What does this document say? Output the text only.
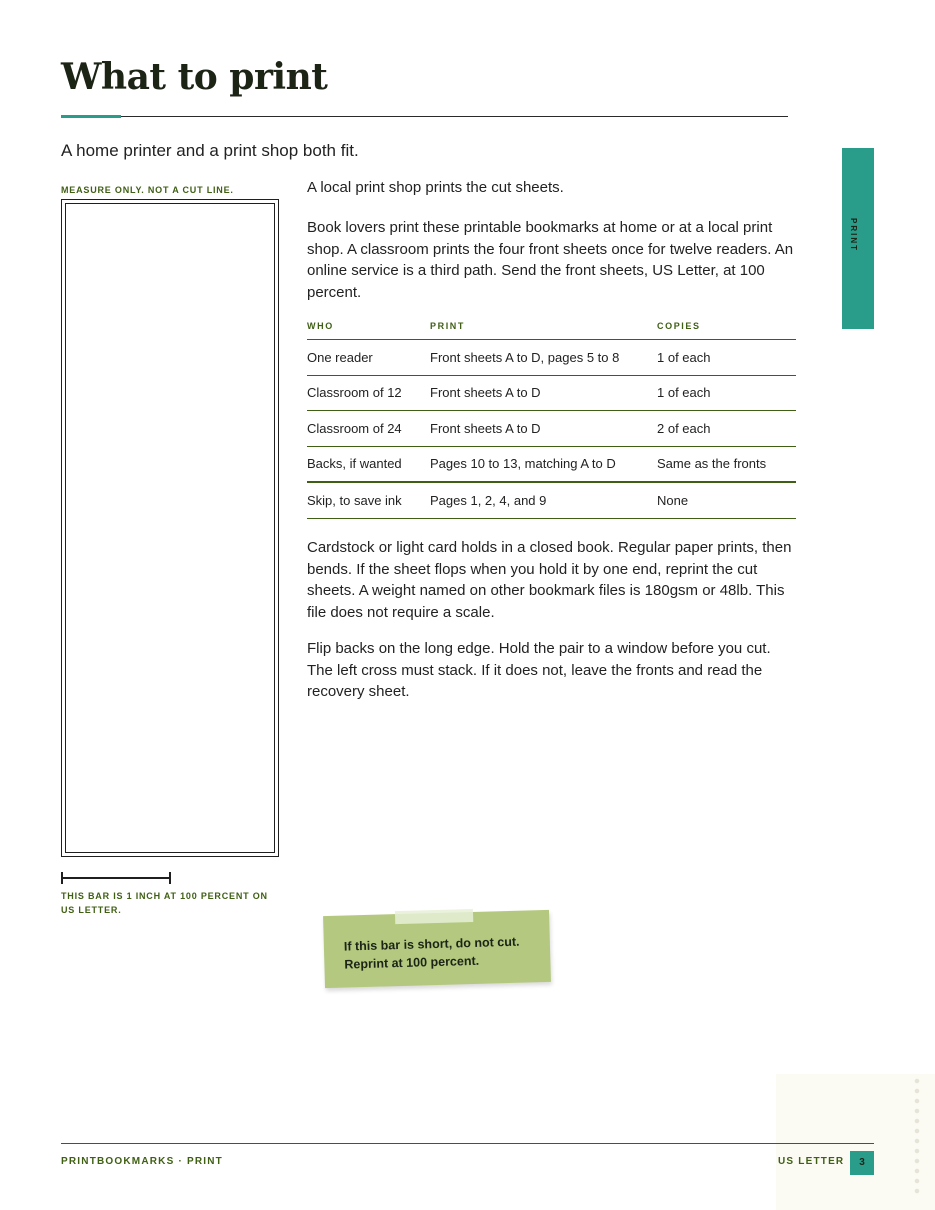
What to print
A home printer and a print shop both fit.
PRINT
MEASURE ONLY. NOT A CUT LINE.
THIS BAR IS 1 INCH AT 100 PERCENT ON US LETTER.
A local print shop prints the cut sheets.

Book lovers print these printable bookmarks at home or at a local print shop. A classroom prints the four front sheets once for twelve readers. An online service is a third path. Send the front sheets, US Letter, at 100 percent.

WHO	PRINT	COPIES
One reader	Front sheets A to D, pages 5 to 8	1 of each
Classroom of 12	Front sheets A to D	1 of each
Classroom of 24	Front sheets A to D	2 of each
Backs, if wanted	Pages 10 to 13, matching A to D	Same as the fronts
Skip, to save ink	Pages 1, 2, 4, and 9	None

Cardstock or light card holds in a closed book. Regular paper prints, then bends. If the sheet flops when you hold it by one end, reprint the cut sheets. A weight named on other bookmark files is 180gsm or 48lb. This file does not require a scale.

Flip backs on the long edge. Hold the pair to a window before you cut. The left cross must stack. If it does not, leave the fronts and read the recovery sheet.

If this bar is short, do not cut. Reprint at 100 percent.
PRINTBOOKMARKS · PRINT	US LETTER	3
